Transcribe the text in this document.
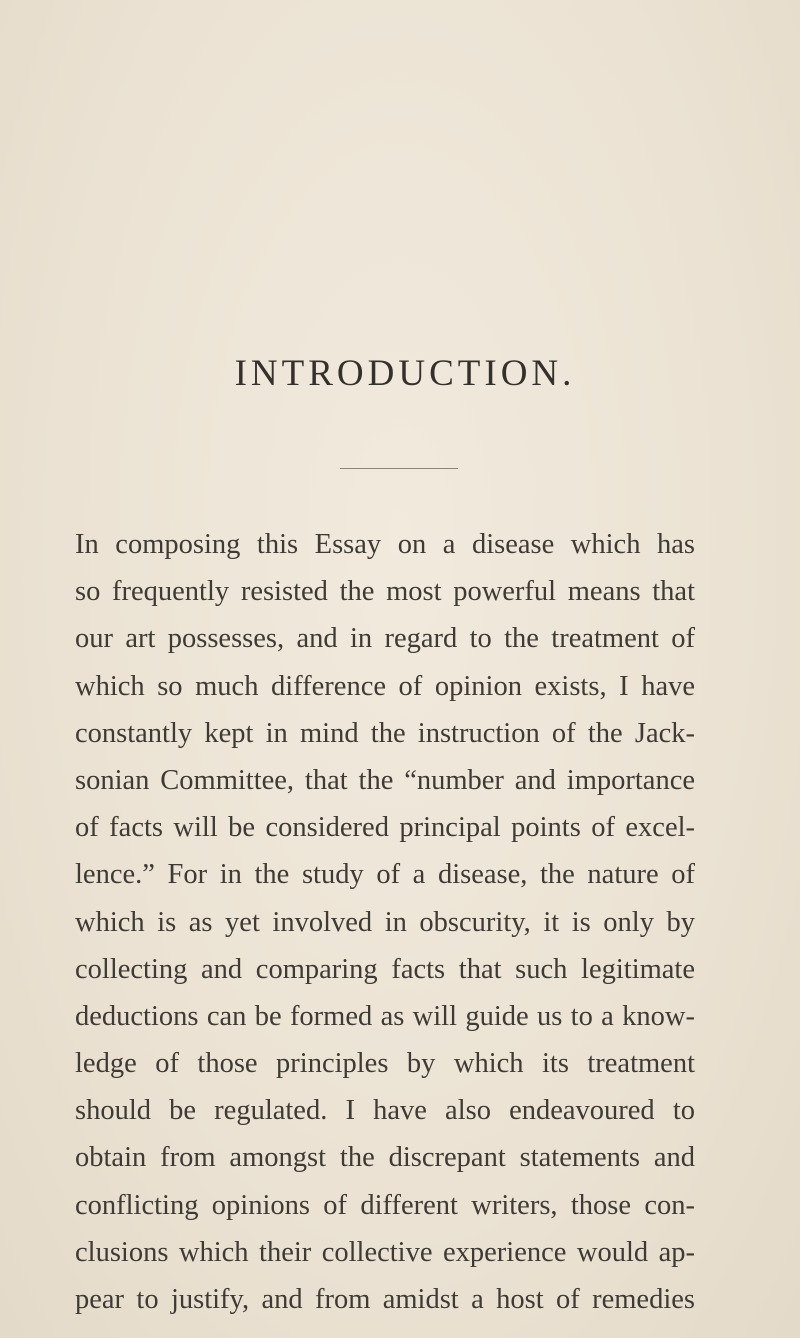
INTRODUCTION.
In composing this Essay on a disease which has
so frequently resisted the most powerful means that
our art possesses, and in regard to the treatment of
which so much difference of opinion exists, I have
constantly kept in mind the instruction of the Jack-
sonian Committee, that the “number and importance
of facts will be considered principal points of excel-
lence.” For in the study of a disease, the nature of
which is as yet involved in obscurity, it is only by
collecting and comparing facts that such legitimate
deductions can be formed as will guide us to a know-
ledge of those principles by which its treatment
should be regulated. I have also endeavoured to
obtain from amongst the discrepant statements and
conflicting opinions of different writers, those con-
clusions which their collective experience would ap-
pear to justify, and from amidst a host of remedies
